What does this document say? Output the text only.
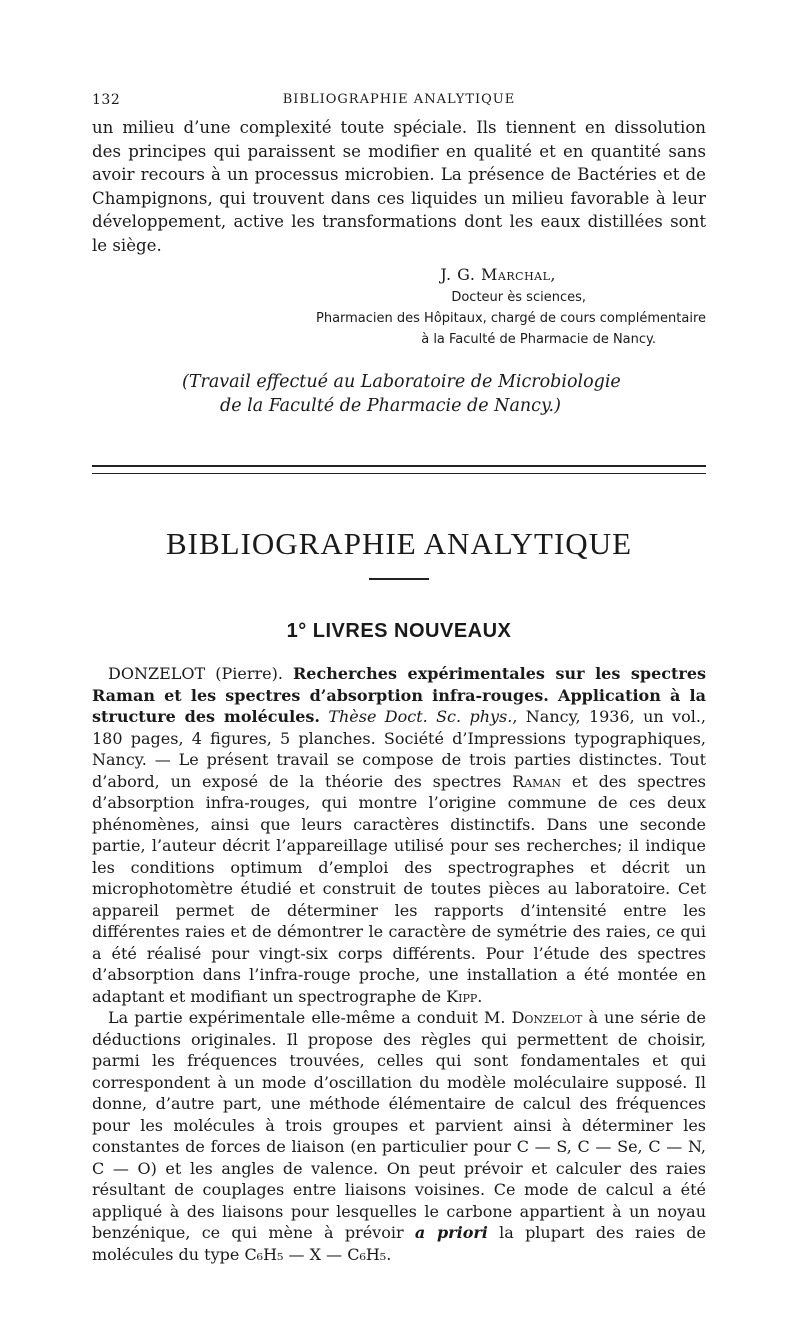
132	BIBLIOGRAPHIE ANALYTIQUE

un milieu d’une complexité toute spéciale. Ils tiennent en dissolution des principes qui paraissent se modifier en qualité et en quantité sans avoir recours à un processus microbien. La présence de Bactéries et de Champignons, qui trouvent dans ces liquides un milieu favorable à leur développement, active les transformations dont les eaux distillées sont le siège.

J. G. Marchal,
Docteur ès sciences,
Pharmacien des Hôpitaux, chargé de cours complémentaire
à la Faculté de Pharmacie de Nancy.
(Travail effectué au Laboratoire de Microbiologie
de la Faculté de Pharmacie de Nancy.)
BIBLIOGRAPHIE ANALYTIQUE
1° LIVRES NOUVEAUX

DONZELOT (Pierre). Recherches expérimentales sur les spectres Raman et les spectres d’absorption infra-rouges. Application à la structure des molécules. Thèse Doct. Sc. phys., Nancy, 1936, un vol., 180 pages, 4 figures, 5 planches. Société d’Impressions typographiques, Nancy. — Le présent travail se compose de trois parties distinctes. Tout d’abord, un exposé de la théorie des spectres Raman et des spectres d’absorption infra-rouges, qui montre l’origine commune de ces deux phénomènes, ainsi que leurs caractères distinctifs. Dans une seconde partie, l’auteur décrit l’appareillage utilisé pour ses recherches; il indique les conditions optimum d’emploi des spectrographes et décrit un microphotomètre étudié et construit de toutes pièces au laboratoire. Cet appareil permet de déterminer les rapports d’intensité entre les différentes raies et de démontrer le caractère de symétrie des raies, ce qui a été réalisé pour vingt-six corps différents. Pour l’étude des spectres d’absorption dans l’infra-rouge proche, une installation a été montée en adaptant et modifiant un spectrographe de Kipp.

La partie expérimentale elle-même a conduit M. Donzelot à une série de déductions originales. Il propose des règles qui permettent de choisir, parmi les fréquences trouvées, celles qui sont fondamentales et qui correspondent à un mode d’oscillation du modèle moléculaire supposé. Il donne, d’autre part, une méthode élémentaire de calcul des fréquences pour les molécules à trois groupes et parvient ainsi à déterminer les constantes de forces de liaison (en particulier pour C — S, C — Se, C — N, C — O) et les angles de valence. On peut prévoir et calculer des raies résultant de couplages entre liaisons voisines. Ce mode de calcul a été appliqué à des liaisons pour lesquelles le carbone appartient à un noyau benzénique, ce qui mène à prévoir a priori la plupart des raies de molécules du type C₆H₅ — X — C₆H₅.
